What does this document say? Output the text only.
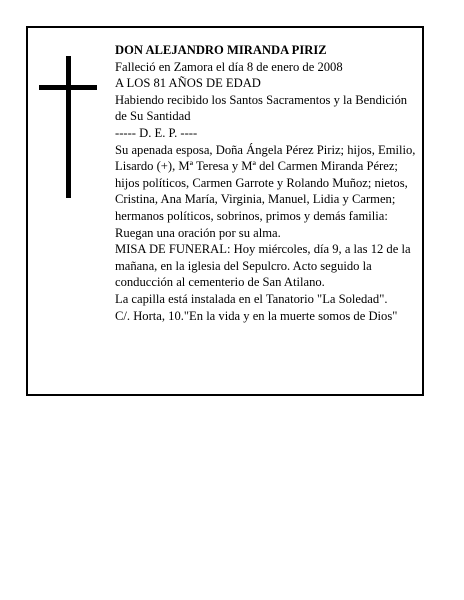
DON ALEJANDRO MIRANDA PIRIZ
Falleció en Zamora el día 8 de enero de 2008
A LOS 81 AÑOS DE EDAD
Habiendo recibido los Santos Sacramentos y la Bendición de Su Santidad
----- D. E. P. ----
Su apenada esposa, Doña Ángela Pérez Piriz; hijos, Emilio, Lisardo (+), Mª Teresa y Mª del Carmen Miranda Pérez; hijos políticos, Carmen Garrote y Rolando Muñoz; nietos, Cristina, Ana María, Virginia, Manuel, Lidia y Carmen; hermanos políticos, sobrinos, primos y demás familia:
Ruegan una oración por su alma.
MISA DE FUNERAL: Hoy miércoles, día 9, a las 12 de la mañana, en la iglesia del Sepulcro. Acto seguido la conducción al cementerio de San Atilano.
La capilla está instalada en el Tanatorio "La Soledad".
C/. Horta, 10."En la vida y en la muerte somos de Dios"
